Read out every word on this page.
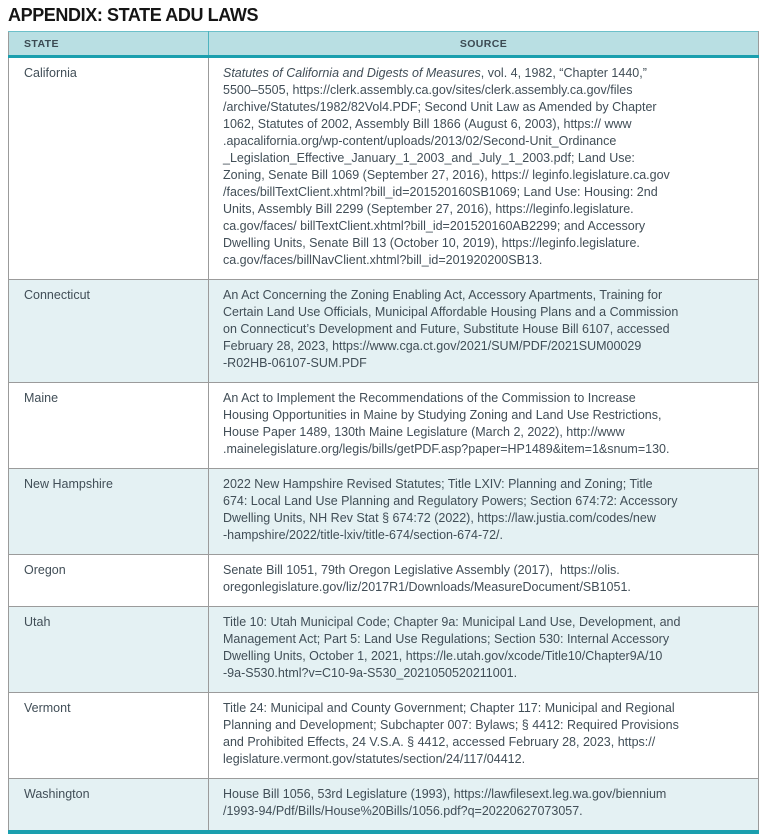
APPENDIX: STATE ADU LAWS
STATE	SOURCE
California	Statutes of California and Digests of Measures, vol. 4, 1982, “Chapter 1440,”
5500–5505, https://clerk.assembly.ca.gov/sites/clerk.assembly.ca.gov/files
/archive/Statutes/1982/82Vol4.PDF; Second Unit Law as Amended by Chapter
1062, Statutes of 2002, Assembly Bill 1866 (August 6, 2003), https:// www
.apacalifornia.org/wp-content/uploads/2013/02/Second-Unit_Ordinance
_Legislation_Effective_January_1_2003_and_July_1_2003.pdf; Land Use:
Zoning, Senate Bill 1069 (September 27, 2016), https:// leginfo.legislature.ca.gov
/faces/billTextClient.xhtml?bill_id=201520160SB1069; Land Use: Housing: 2nd
Units, Assembly Bill 2299 (September 27, 2016), https://leginfo.legislature.
ca.gov/faces/ billTextClient.xhtml?bill_id=201520160AB2299; and Accessory
Dwelling Units, Senate Bill 13 (October 10, 2019), https://leginfo.legislature.
ca.gov/faces/billNavClient.xhtml?bill_id=201920200SB13.

Connecticut	An Act Concerning the Zoning Enabling Act, Accessory Apartments, Training for
Certain Land Use Officials, Municipal Affordable Housing Plans and a Commission
on Connecticut’s Development and Future, Substitute House Bill 6107, accessed
February 28, 2023, https://www.cga.ct.gov/2021/SUM/PDF/2021SUM00029
-R02HB-06107-SUM.PDF

Maine	An Act to Implement the Recommendations of the Commission to Increase
Housing Opportunities in Maine by Studying Zoning and Land Use Restrictions,
House Paper 1489, 130th Maine Legislature (March 2, 2022), http://www
.mainelegislature.org/legis/bills/getPDF.asp?paper=HP1489&item=1&snum=130.

New Hampshire	2022 New Hampshire Revised Statutes; Title LXIV: Planning and Zoning; Title
674: Local Land Use Planning and Regulatory Powers; Section 674:72: Accessory
Dwelling Units, NH Rev Stat § 674:72 (2022), https://law.justia.com/codes/new
-hampshire/2022/title-lxiv/title-674/section-674-72/.

Oregon	Senate Bill 1051, 79th Oregon Legislative Assembly (2017),  https://olis.
oregonlegislature.gov/liz/2017R1/Downloads/MeasureDocument/SB1051.

Utah	Title 10: Utah Municipal Code; Chapter 9a: Municipal Land Use, Development, and
Management Act; Part 5: Land Use Regulations; Section 530: Internal Accessory
Dwelling Units, October 1, 2021, https://le.utah.gov/xcode/Title10/Chapter9A/10
-9a-S530.html?v=C10-9a-S530_2021050520211001.

Vermont	Title 24: Municipal and County Government; Chapter 117: Municipal and Regional
Planning and Development; Subchapter 007: Bylaws; § 4412: Required Provisions
and Prohibited Effects, 24 V.S.A. § 4412, accessed February 28, 2023, https://
legislature.vermont.gov/statutes/section/24/117/04412.

Washington	House Bill 1056, 53rd Legislature (1993), https://lawfilesext.leg.wa.gov/biennium
/1993-94/Pdf/Bills/House%20Bills/1056.pdf?q=20220627073057.
